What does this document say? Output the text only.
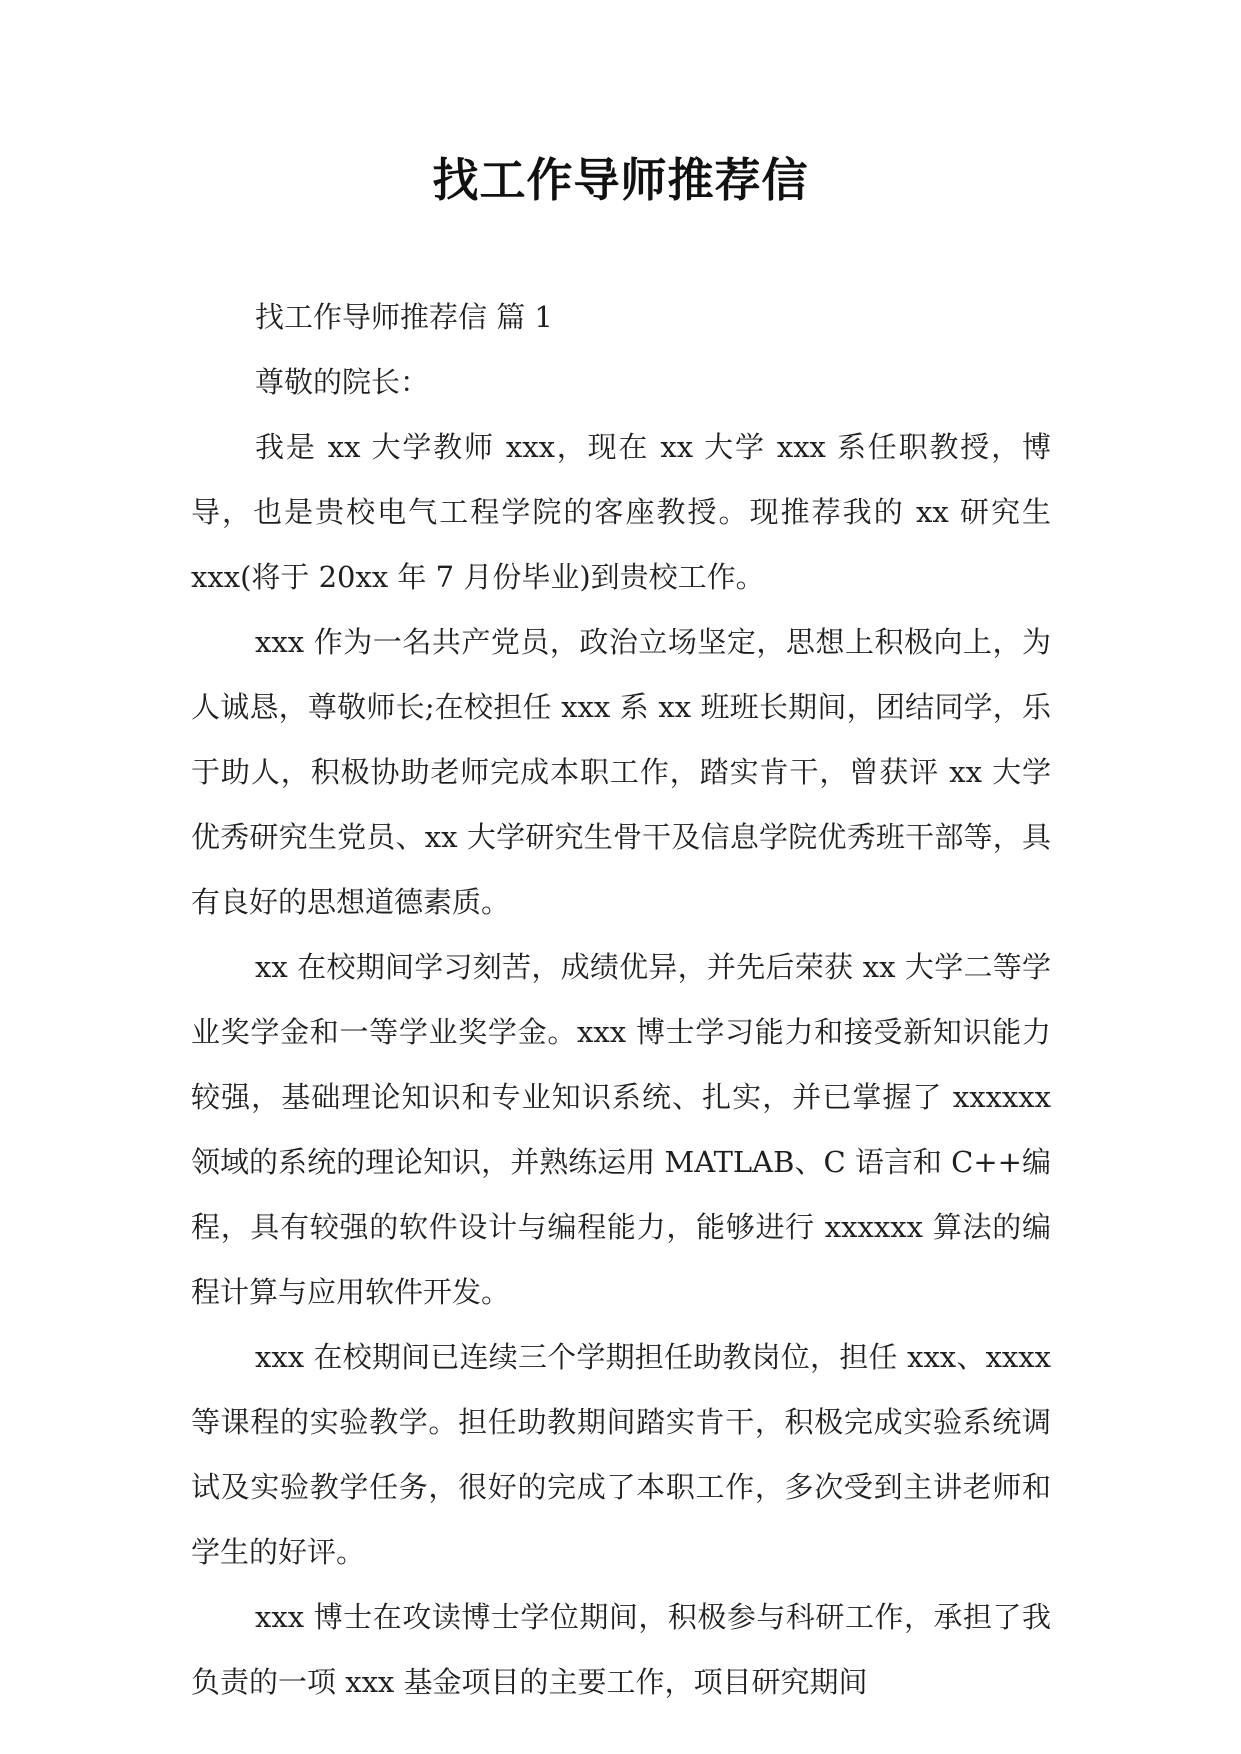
找工作导师推荐信

找工作导师推荐信 篇 1

尊敬的院长：

我是 xx 大学教师 xxx，现在 xx 大学 xxx 系任职教授，博导，也是贵校电气工程学院的客座教授。现推荐我的 xx 研究生 xxx(将于 20xx 年 7 月份毕业)到贵校工作。

xxx 作为一名共产党员，政治立场坚定，思想上积极向上，为人诚恳，尊敬师长;在校担任 xxx 系 xx 班班长期间，团结同学，乐于助人，积极协助老师完成本职工作，踏实肯干，曾获评 xx 大学优秀研究生党员、xx 大学研究生骨干及信息学院优秀班干部等，具有良好的思想道德素质。

xx 在校期间学习刻苦，成绩优异，并先后荣获 xx 大学二等学业奖学金和一等学业奖学金。xxx 博士学习能力和接受新知识能力较强，基础理论知识和专业知识系统、扎实，并已掌握了 xxxxxx 领域的系统的理论知识，并熟练运用 MATLAB、C 语言和 C++编程，具有较强的软件设计与编程能力，能够进行 xxxxxx 算法的编程计算与应用软件开发。

xxx 在校期间已连续三个学期担任助教岗位，担任 xxx、xxxx 等课程的实验教学。担任助教期间踏实肯干，积极完成实验系统调试及实验教学任务，很好的完成了本职工作，多次受到主讲老师和学生的好评。

xxx 博士在攻读博士学位期间，积极参与科研工作，承担了我负责的一项 xxx 基金项目的主要工作，项目研究期间
